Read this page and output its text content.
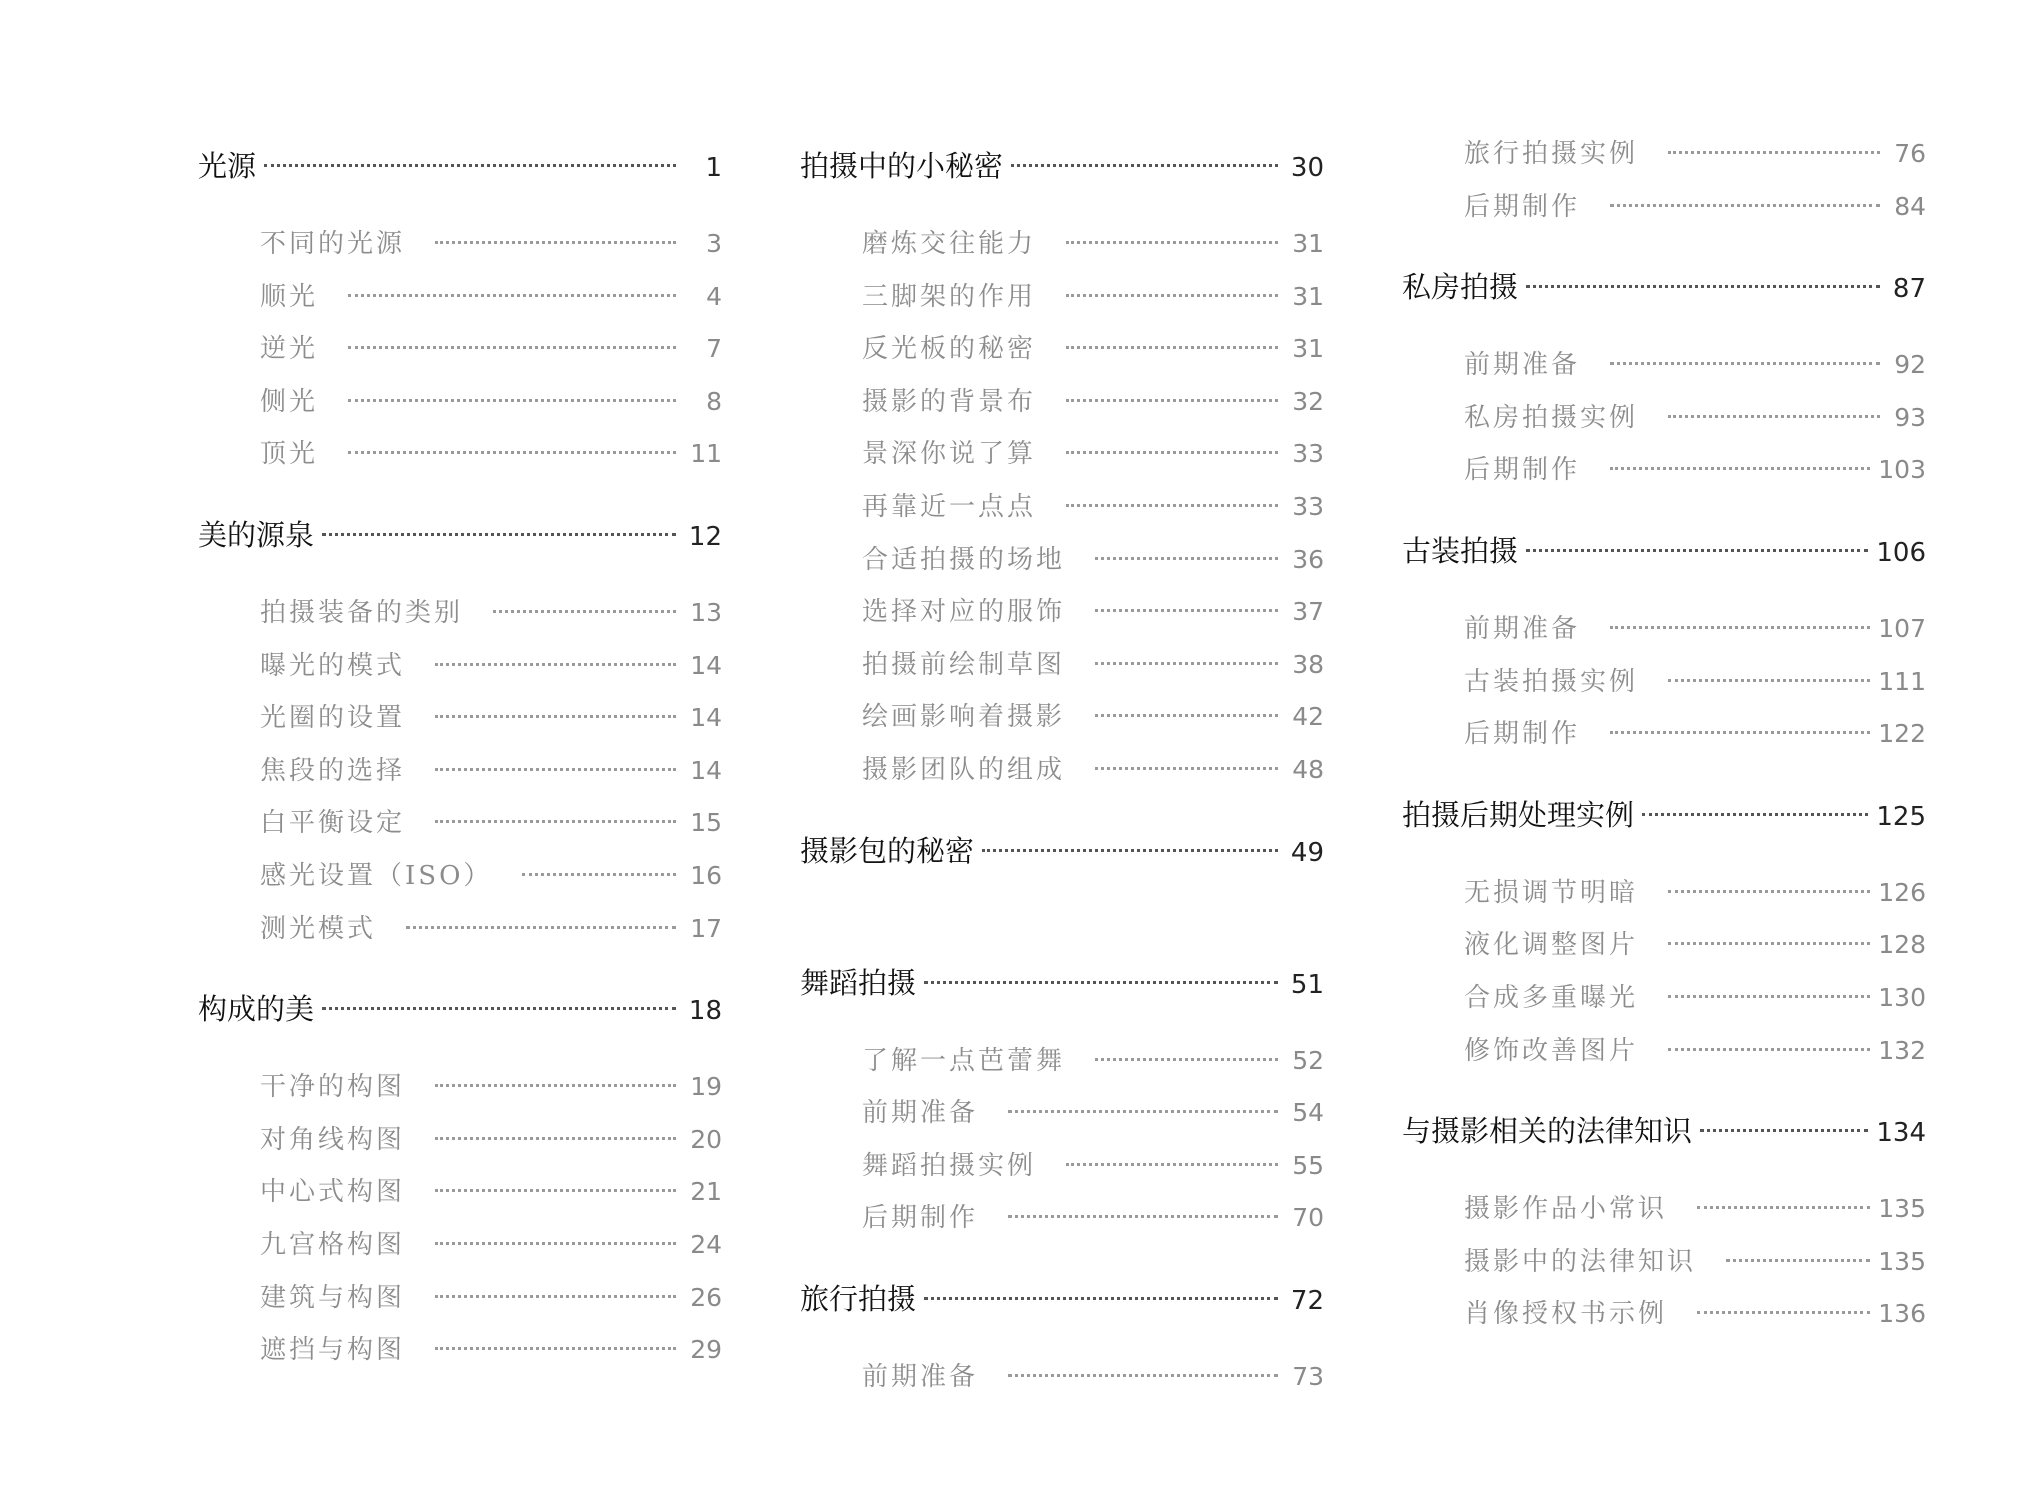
光源	1
不同的光源	3
顺光	4
逆光	7
侧光	8
顶光	11
美的源泉	12
拍摄装备的类别	13
曝光的模式	14
光圈的设置	14
焦段的选择	14
白平衡设定	15
感光设置（ISO）	16
测光模式	17
构成的美	18
干净的构图	19
对角线构图	20
中心式构图	21
九宫格构图	24
建筑与构图	26
遮挡与构图	29
拍摄中的小秘密	30
磨炼交往能力	31
三脚架的作用	31
反光板的秘密	31
摄影的背景布	32
景深你说了算	33
再靠近一点点	33
合适拍摄的场地	36
选择对应的服饰	37
拍摄前绘制草图	38
绘画影响着摄影	42
摄影团队的组成	48
摄影包的秘密	49
舞蹈拍摄	51
了解一点芭蕾舞	52
前期准备	54
舞蹈拍摄实例	55
后期制作	70
旅行拍摄	72
前期准备	73
旅行拍摄实例	76
后期制作	84
私房拍摄	87
前期准备	92
私房拍摄实例	93
后期制作	103
古装拍摄	106
前期准备	107
古装拍摄实例	111
后期制作	122
拍摄后期处理实例	125
无损调节明暗	126
液化调整图片	128
合成多重曝光	130
修饰改善图片	132
与摄影相关的法律知识	134
摄影作品小常识	135
摄影中的法律知识	135
肖像授权书示例	136
